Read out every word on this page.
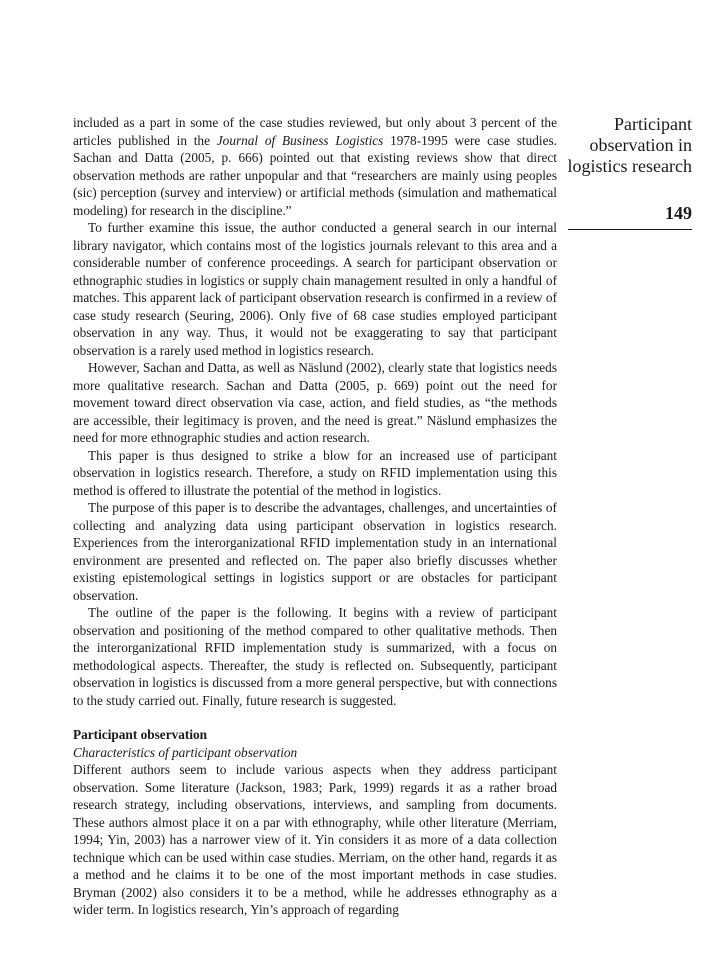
included as a part in some of the case studies reviewed, but only about 3 percent of the articles published in the Journal of Business Logistics 1978-1995 were case studies. Sachan and Datta (2005, p. 666) pointed out that existing reviews show that direct observation methods are rather unpopular and that “researchers are mainly using peoples (sic) perception (survey and interview) or artificial methods (simulation and mathematical modeling) for research in the discipline.”

To further examine this issue, the author conducted a general search in our internal library navigator, which contains most of the logistics journals relevant to this area and a considerable number of conference proceedings. A search for participant observation or ethnographic studies in logistics or supply chain management resulted in only a handful of matches. This apparent lack of participant observation research is confirmed in a review of case study research (Seuring, 2006). Only five of 68 case studies employed participant observation in any way. Thus, it would not be exaggerating to say that participant observation is a rarely used method in logistics research.

However, Sachan and Datta, as well as Näslund (2002), clearly state that logistics needs more qualitative research. Sachan and Datta (2005, p. 669) point out the need for movement toward direct observation via case, action, and field studies, as “the methods are accessible, their legitimacy is proven, and the need is great.” Näslund emphasizes the need for more ethnographic studies and action research.

This paper is thus designed to strike a blow for an increased use of participant observation in logistics research. Therefore, a study on RFID implementation using this method is offered to illustrate the potential of the method in logistics.

The purpose of this paper is to describe the advantages, challenges, and uncertainties of collecting and analyzing data using participant observation in logistics research. Experiences from the interorganizational RFID implementation study in an international environment are presented and reflected on. The paper also briefly discusses whether existing epistemological settings in logistics support or are obstacles for participant observation.

The outline of the paper is the following. It begins with a review of participant observation and positioning of the method compared to other qualitative methods. Then the interorganizational RFID implementation study is summarized, with a focus on methodological aspects. Thereafter, the study is reflected on. Subsequently, participant observation in logistics is discussed from a more general perspective, but with connections to the study carried out. Finally, future research is suggested.

Participant observation
Characteristics of participant observation

Different authors seem to include various aspects when they address participant observation. Some literature (Jackson, 1983; Park, 1999) regards it as a rather broad research strategy, including observations, interviews, and sampling from documents. These authors almost place it on a par with ethnography, while other literature (Merriam, 1994; Yin, 2003) has a narrower view of it. Yin considers it as more of a data collection technique which can be used within case studies. Merriam, on the other hand, regards it as a method and he claims it to be one of the most important methods in case studies. Bryman (2002) also considers it to be a method, while he addresses ethnography as a wider term. In logistics research, Yin’s approach of regarding

Participant
observation in
logistics research
149
